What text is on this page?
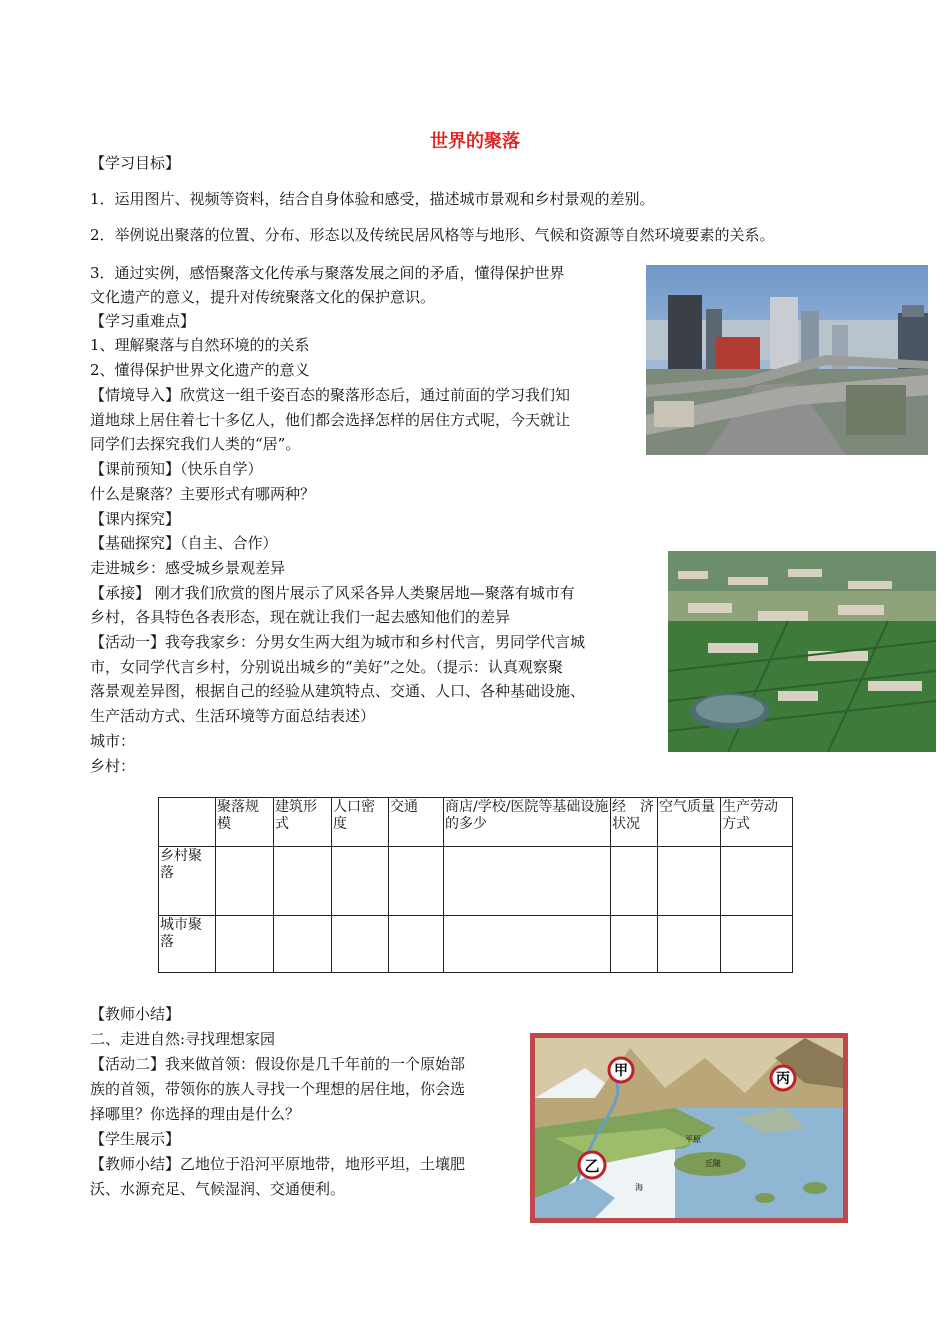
世界的聚落
【学习目标】
1．运用图片、视频等资料，结合自身体验和感受，描述城市景观和乡村景观的差别。
2．举例说出聚落的位置、分布、形态以及传统民居风格等与地形、气候和资源等自然环境要素的关系。
3．通过实例，感悟聚落文化传承与聚落发展之间的矛盾，懂得保护世界
文化遗产的意义，提升对传统聚落文化的保护意识。
【学习重难点】
1、理解聚落与自然环境的的关系
2、懂得保护世界文化遗产的意义
【情境导入】欣赏这一组千姿百态的聚落形态后，通过前面的学习我们知
道地球上居住着七十多亿人，他们都会选择怎样的居住方式呢，今天就让
同学们去探究我们人类的“居”。
【课前预知】（快乐自学）
什么是聚落？主要形式有哪两种？
【课内探究】
【基础探究】（自主、合作）
走进城乡：感受城乡景观差异
【承接】 刚才我们欣赏的图片展示了风采各异人类聚居地—聚落有城市有
乡村，各具特色各表形态，现在就让我们一起去感知他们的差异
【活动一】我夸我家乡：分男女生两大组为城市和乡村代言，男同学代言城
市，女同学代言乡村，分别说出城乡的“美好”之处。（提示：认真观察聚
落景观差异图，根据自己的经验从建筑特点、交通、人口、各种基础设施、
生产活动方式、生活环境等方面总结表述）
城市：
乡村：
	聚落规模	建筑形式	人口密度	交通	商店/学校/医院等基础设施的多少	经　济状况	空气质量	生产劳动方式
乡村聚落								
城市聚落								
【教师小结】
二、走进自然:寻找理想家园
【活动二】我来做首领：假设你是几千年前的一个原始部
族的首领，带领你的族人寻找一个理想的居住地，你会选
择哪里？你选择的理由是什么？
【学生展示】
【教师小结】乙地位于沿河平原地带，地形平坦，土壤肥
沃、水源充足、气候湿润、交通便利。
甲	丙
乙
平原
丘陵
海
